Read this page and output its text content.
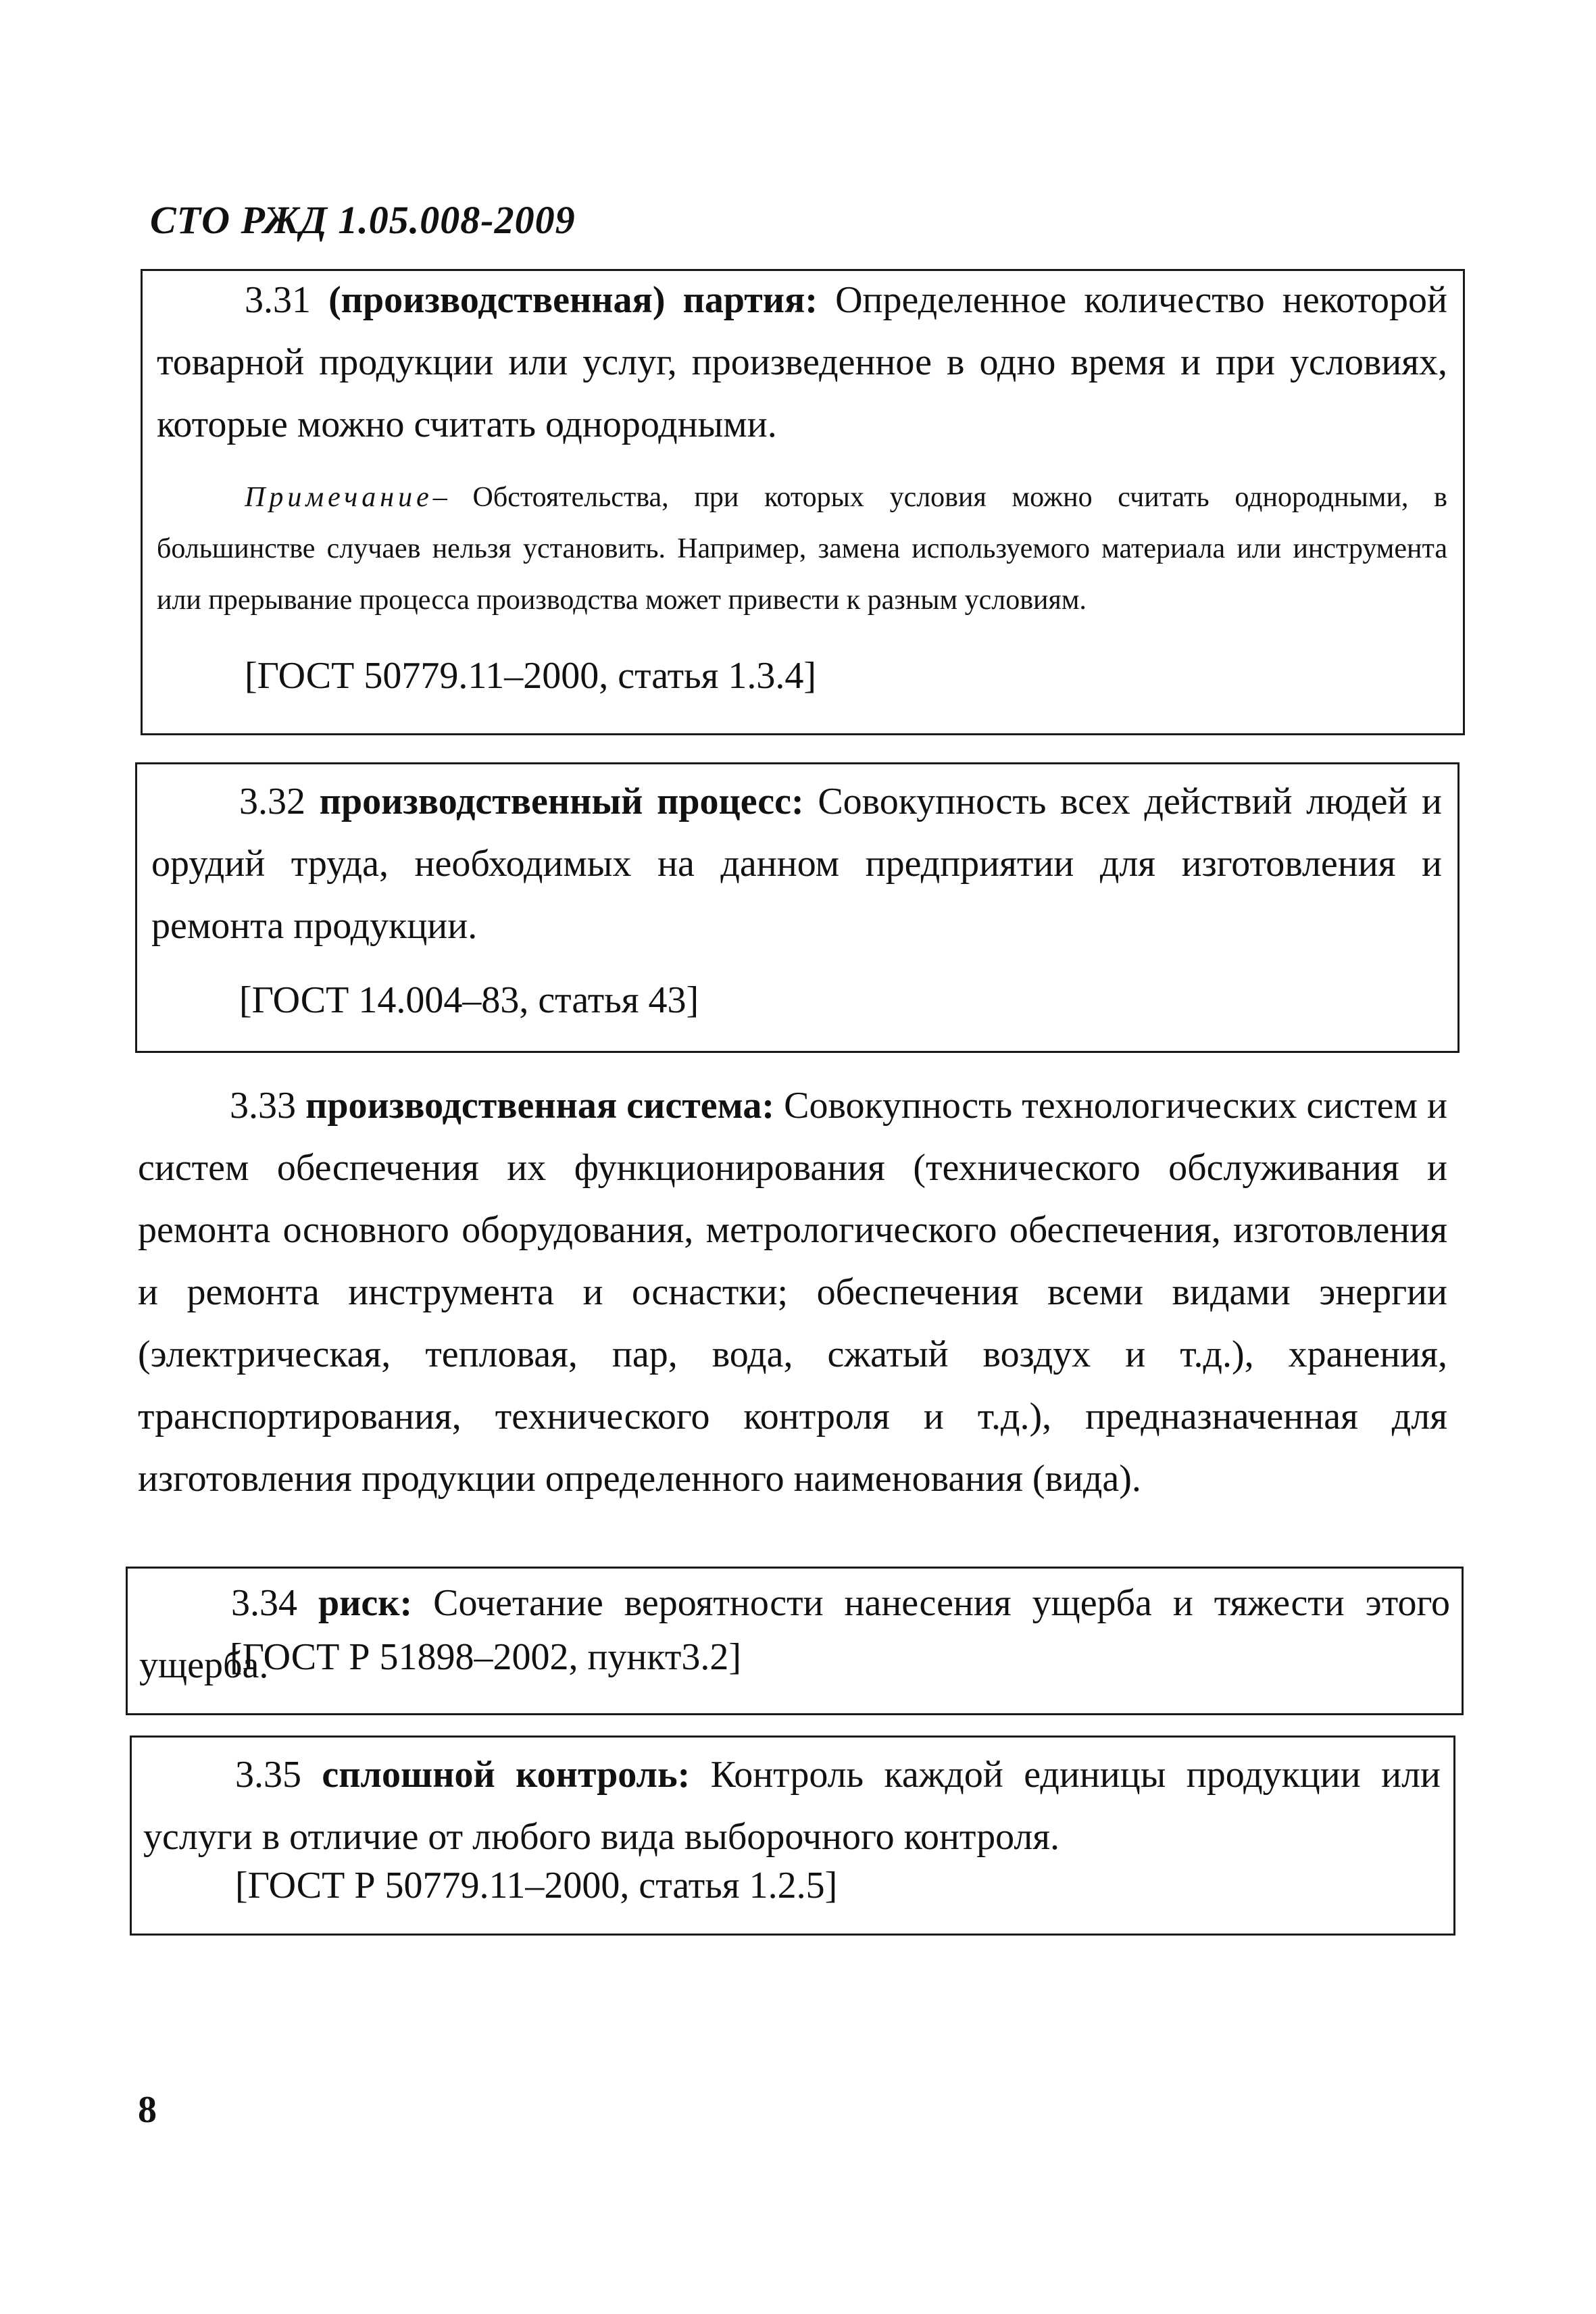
СТО РЖД 1.05.008-2009

3.31 (производственная) партия: Определенное количество некоторой товарной продукции или услуг, произведенное в одно время и при условиях, которые можно считать однородными.

Примечание– Обстоятельства, при которых условия можно считать однородными, в большинстве случаев нельзя установить. Например, замена используемого материала или инструмента или прерывание процесса производства может привести к разным условиям.

[ГОСТ 50779.11–2000, статья 1.3.4]

3.32 производственный процесс: Совокупность всех действий людей и орудий труда, необходимых на данном предприятии для изготовления и ремонта продукции.

[ГОСТ 14.004–83, статья 43]

3.33 производственная система: Совокупность технологических систем и систем обеспечения их функционирования (технического обслуживания и ремонта основного оборудования, метрологического обеспечения, изготовления и ремонта инструмента и оснастки; обеспечения всеми видами энергии (электрическая, тепловая, пар, вода, сжатый воздух и т.д.), хранения, транспортирования, технического контроля и т.д.), предназначенная для изготовления продукции определенного наименования (вида).

3.34 риск: Сочетание вероятности нанесения ущерба и тяжести этого ущерба.

[ГОСТ Р 51898–2002, пункт3.2]

3.35 сплошной контроль: Контроль каждой единицы продукции или услуги в отличие от любого вида выборочного контроля.

[ГОСТ Р 50779.11–2000, статья 1.2.5]

8
